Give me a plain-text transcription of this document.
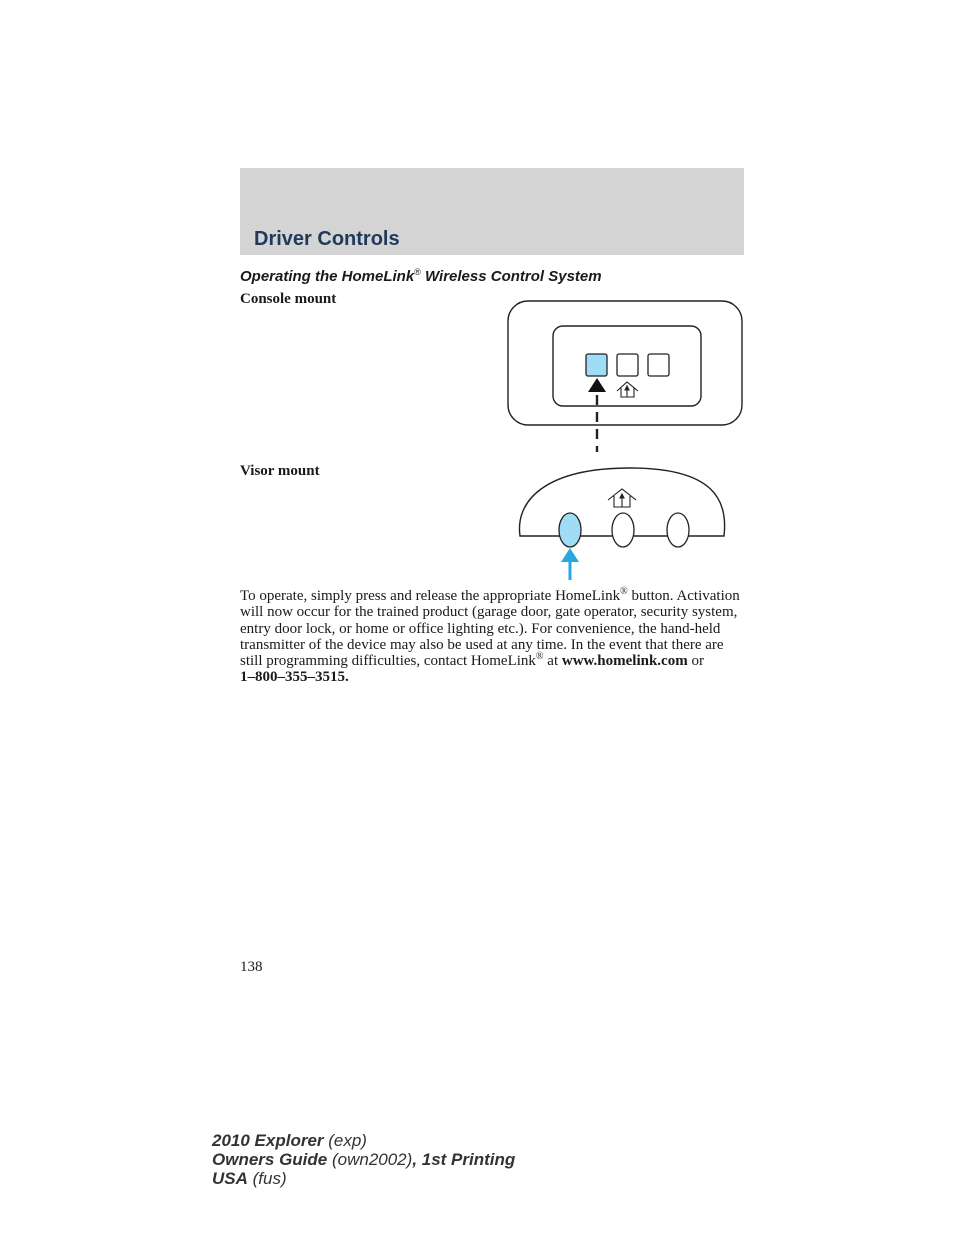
Driver Controls
Operating the HomeLink® Wireless Control System

Console mount

Visor mount

To operate, simply press and release the appropriate HomeLink® button. Activation will now occur for the trained product (garage door, gate operator, security system, entry door lock, or home or office lighting etc.). For convenience, the hand-held transmitter of the device may also be used at any time. In the event that there are still programming difficulties, contact HomeLink® at www.homelink.com or
1–800–355–3515.

138

2010 Explorer (exp)
Owners Guide (own2002), 1st Printing
USA (fus)
